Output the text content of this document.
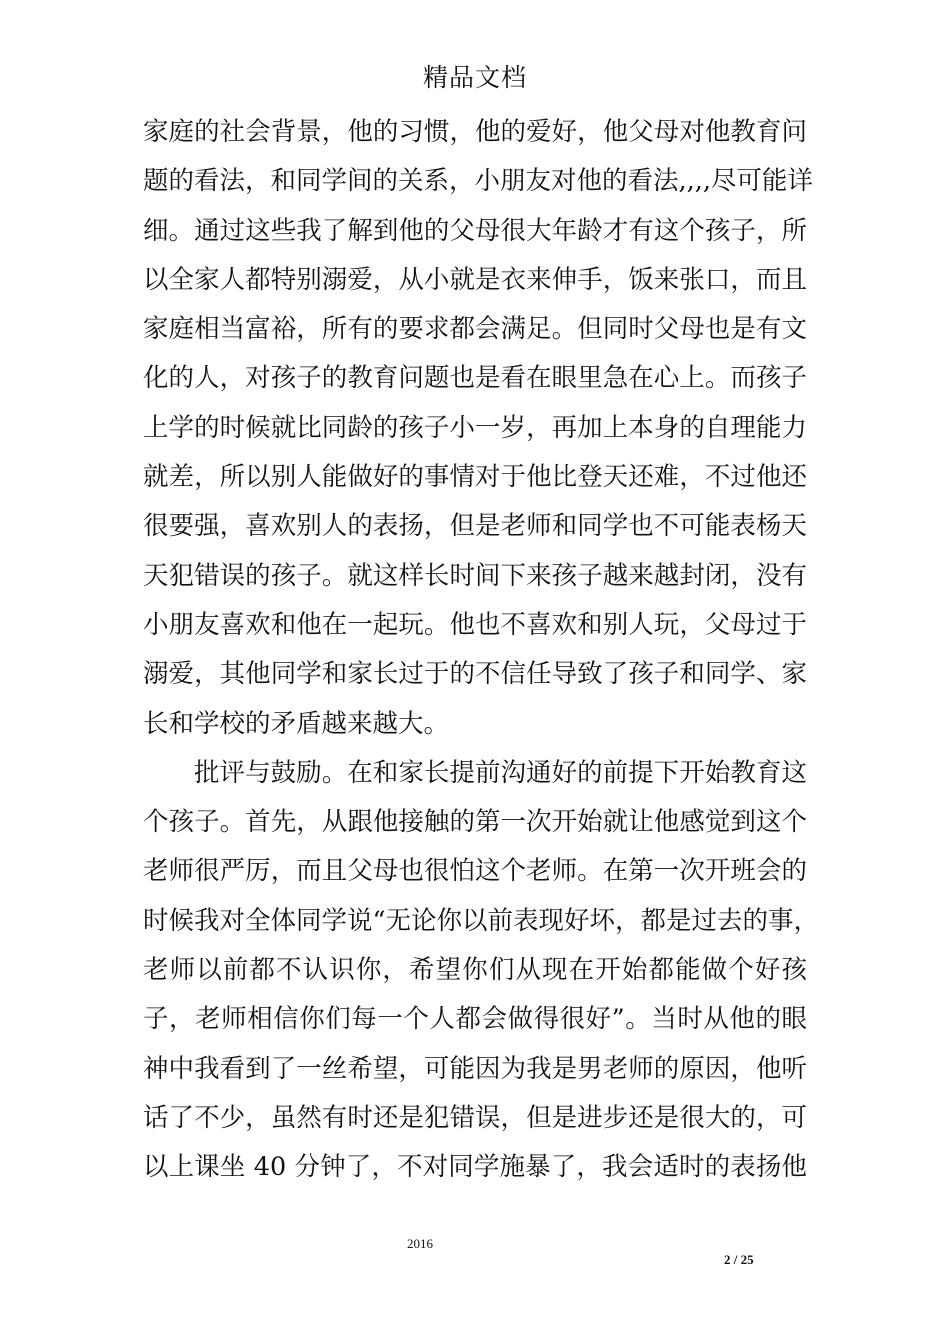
精品文档
家庭的社会背景，他的习惯，他的爱好，他父母对他教育问
题的看法，和同学间的关系，小朋友对他的看法,,,,尽可能详
细。通过这些我了解到他的父母很大年龄才有这个孩子，所
以全家人都特别溺爱，从小就是衣来伸手，饭来张口，而且
家庭相当富裕，所有的要求都会满足。但同时父母也是有文
化的人，对孩子的教育问题也是看在眼里急在心上。而孩子
上学的时候就比同龄的孩子小一岁，再加上本身的自理能力
就差，所以别人能做好的事情对于他比登天还难，不过他还
很要强，喜欢别人的表扬，但是老师和同学也不可能表杨天
天犯错误的孩子。就这样长时间下来孩子越来越封闭，没有
小朋友喜欢和他在一起玩。他也不喜欢和别人玩，父母过于
溺爱，其他同学和家长过于的不信任导致了孩子和同学、家
长和学校的矛盾越来越大。
批评与鼓励。在和家长提前沟通好的前提下开始教育这
个孩子。首先，从跟他接触的第一次开始就让他感觉到这个
老师很严厉，而且父母也很怕这个老师。在第一次开班会的
时候我对全体同学说“无论你以前表现好坏，都是过去的事，
老师以前都不认识你，希望你们从现在开始都能做个好孩
子，老师相信你们每一个人都会做得很好”。当时从他的眼
神中我看到了一丝希望，可能因为我是男老师的原因，他听
话了不少，虽然有时还是犯错误，但是进步还是很大的，可
以上课坐 40 分钟了，不对同学施暴了，我会适时的表扬他
2016
2 / 25
